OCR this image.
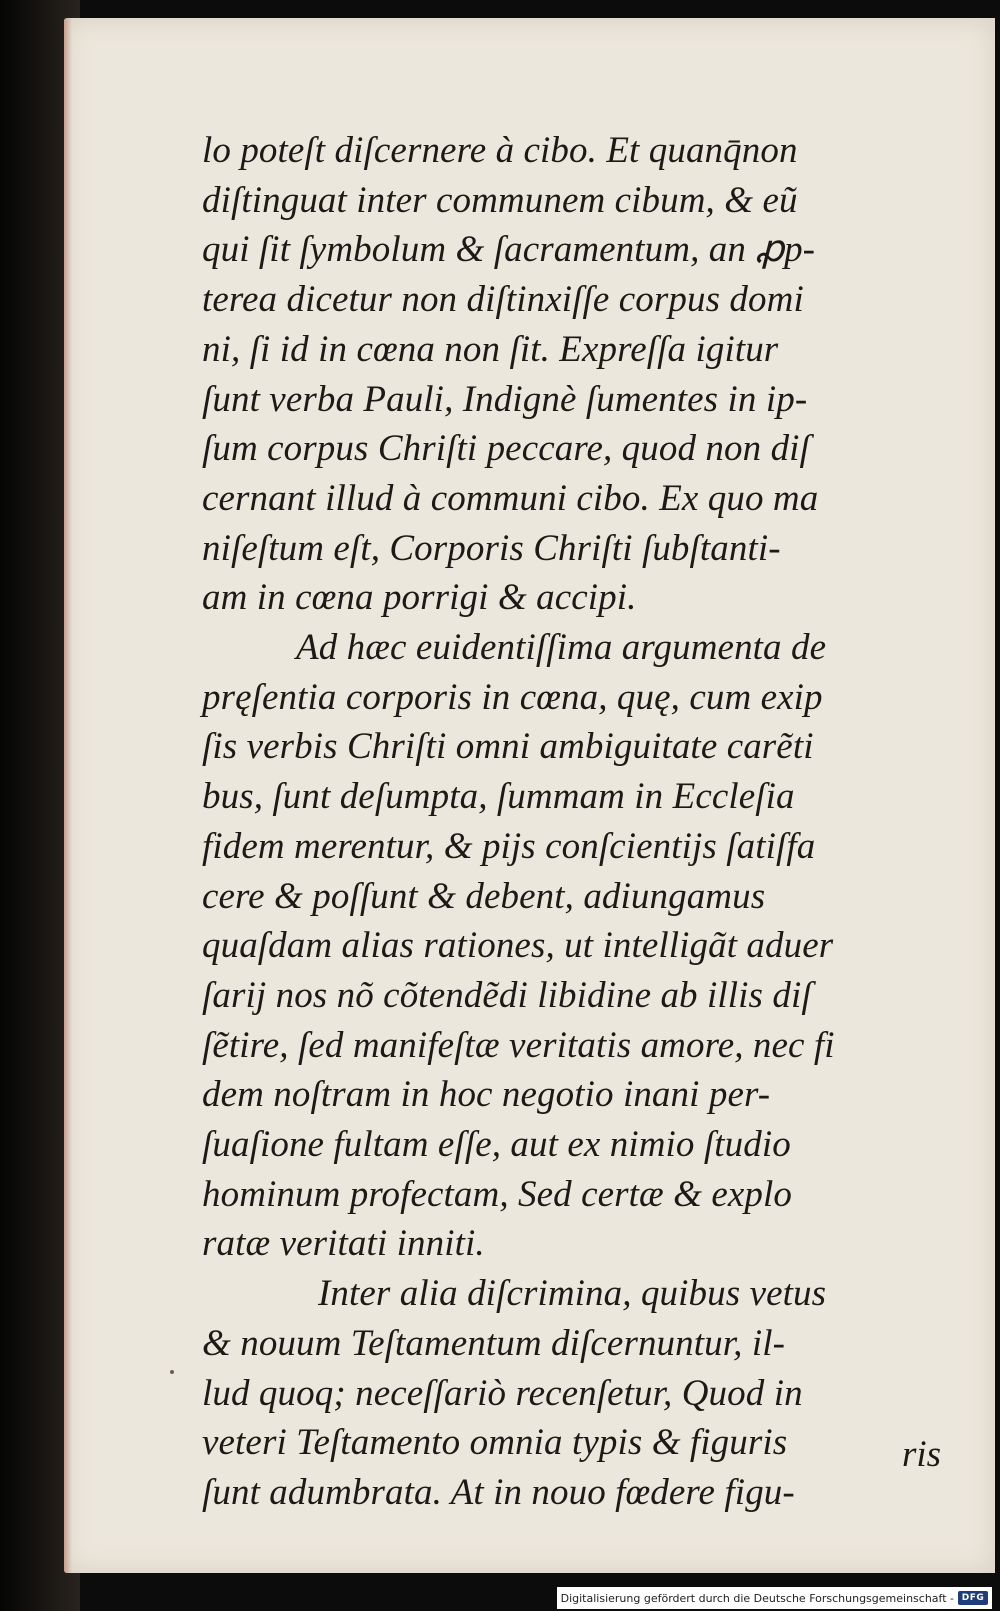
lo poteſt diſcernere à cibo. Et quanq̄non
diſtinguat inter communem cibum, & eũ
qui ſit ſymbolum & ſacramentum, an ꝓp-
terea dicetur non diſtinxiſſe corpus domi
ni, ſi id in cœna non ſit. Expreſſa igitur
ſunt verba Pauli, Indignè ſumentes in ip-
ſum corpus Chriſti peccare, quod non diſ
cernant illud à communi cibo. Ex quo ma
niſeſtum eſt, Corporis Chriſti ſubſtanti-
am in cœna porrigi & accipi.
Ad hæc euidentiſſima argumenta de
pręſentia corporis in cœna, quę, cum exip
ſis verbis Chriſti omni ambiguitate carẽti
bus, ſunt deſumpta, ſummam in Eccleſia
fidem merentur, & pijs conſcientijs ſatiſfa
cere & poſſunt & debent, adiungamus
quaſdam alias rationes, ut intelligãt aduer
ſarij nos nõ cõtendẽdi libidine ab illis diſ
ſẽtire, ſed manifeſtæ veritatis amore, nec fi
dem noſtram in hoc negotio inani per-
ſuaſione fultam eſſe, aut ex nimio ſtudio
hominum profectam, Sed certæ & explo
ratæ veritati inniti.
Inter alia diſcrimina, quibus vetus
& nouum Teſtamentum diſcernuntur, il-
lud quoq; neceſſariò recenſetur, Quod in
veteri Teſtamento omnia typis & figuris
ſunt adumbrata. At in nouo fœdere figu-
ris
Digitalisierung gefördert durch die Deutsche Forschungsgemeinschaft - DFG
